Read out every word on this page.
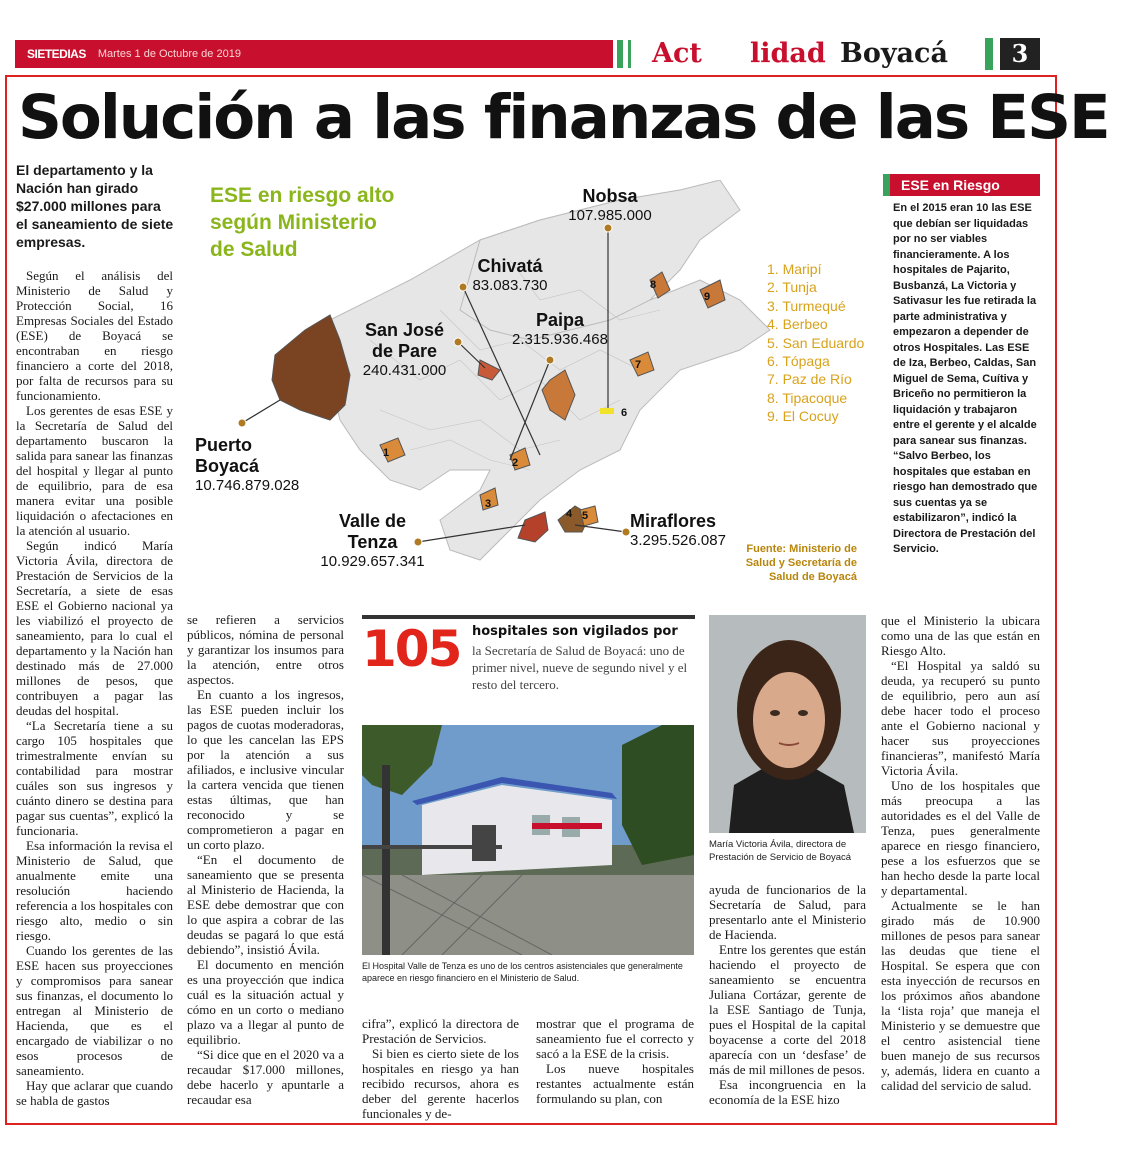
SIETEDIAS	Martes 1 de Octubre de 2019	Act lidad Boyacá	3
Solución a las finanzas de las ESE
El departamento y la Nación han girado $27.000 millones para el saneamiento de siete empresas.

Según el análisis del Ministerio de Salud y Protección Social, 16 Empresas Sociales del Estado (ESE) de Boyacá se encontraban en riesgo financiero a corte del 2018, por falta de recursos para su funcionamiento.

Los gerentes de esas ESE y la Secretaría de Salud del departamento buscaron la salida para sanear las finanzas del hospital y llegar al punto de equilibrio, para de esa manera evitar una posible liquidación o afectaciones en la atención al usuario.

Según indicó María Victoria Ávila, directora de Prestación de Servicios de la Secretaría, a siete de esas ESE el Gobierno nacional ya les viabilizó el proyecto de saneamiento, para lo cual el departamento y la Nación han destinado más de 27.000 millones de pesos, que contribuyen a pagar las deudas del hospital.

“La Secretaría tiene a su cargo 105 hospitales que trimestralmente envían su contabilidad para mostrar cuáles son sus ingresos y cuánto dinero se destina para pagar sus cuentas”, explicó la funcionaria.

Esa información la revisa el Ministerio de Salud, que anualmente emite una resolución haciendo referencia a los hospitales con riesgo alto, medio o sin riesgo.

Cuando los gerentes de las ESE hacen sus proyecciones y compromisos para sanear sus finanzas, el documento lo entregan al Ministerio de Hacienda, que es el encargado de viabilizar o no esos procesos de saneamiento.

Hay que aclarar que cuando se habla de gastos

se refieren a servicios públicos, nómina de personal y garantizar los insumos para la atención, entre otros aspectos.

En cuanto a los ingresos, las ESE pueden incluir los pagos de cuotas moderadoras, lo que les cancelan las EPS por la atención a sus afiliados, e inclusive vincular la cartera vencida que tienen estas últimas, que han reconocido y se comprometieron a pagar en un corto plazo.

“En el documento de saneamiento que se presenta al Ministerio de Hacienda, la ESE debe demostrar que con lo que aspira a cobrar de las deudas se pagará lo que está debiendo”, insistió Ávila.

El documento en mención es una proyección que indica cuál es la situación actual y cómo en un corto o mediano plazo va a llegar al punto de equilibrio.

“Si dice que en el 2020 va a recaudar $17.000 millones, debe hacerlo y apuntarle a recaudar esa

cifra”, explicó la directora de Prestación de Servicios.

Si bien es cierto siete de los hospitales en riesgo ya han recibido recursos, ahora es deber del gerente hacerlos funcionales y de-

mostrar que el programa de saneamiento fue el correcto y sacó a la ESE de la crisis.

Los nueve hospitales restantes actualmente están formulando su plan, con

ayuda de funcionarios de la Secretaría de Salud, para presentarlo ante el Ministerio de Hacienda.

Entre los gerentes que están haciendo el proyecto de saneamiento se encuentra Juliana Cortázar, gerente de la ESE Santiago de Tunja, pues el Hospital de la capital boyacense a corte del 2018 aparecía con un ‘desfase’ de más de mil millones de pesos.

Esa incongruencia en la economía de la ESE hizo

que el Ministerio la ubicara como una de las que están en Riesgo Alto.

“El Hospital ya saldó su deuda, ya recuperó su punto de equilibrio, pero aun así debe hacer todo el proceso ante el Gobierno nacional y hacer sus proyecciones financieras”, manifestó María Victoria Ávila.

Uno de los hospitales que más preocupa a las autoridades es el del Valle de Tenza, pues generalmente aparece en riesgo financiero, pese a los esfuerzos que se han hecho desde la parte local y departamental.

Actualmente se le han girado más de 10.900 millones de pesos para sanear las deudas que tiene el Hospital. Se espera que con esta inyección de recursos en los próximos años abandone la ‘lista roja’ que maneja el Ministerio y se demuestre que el centro asistencial tiene buen manejo de sus recursos y, además, lidera en cuanto a calidad del servicio de salud.

1
2
3
4 5
6
7
8
9
ESE en riesgo alto
según Ministerio
de Salud
Nobsa
107.985.000
Chivatá
83.083.730
Paipa
2.315.936.468
San José de Pare
240.431.000
Puerto Boyacá
10.746.879.028
Valle de Tenza
10.929.657.341
Miraflores
3.295.526.087
1. Maripí
2. Tunja
3. Turmequé
4. Berbeo
5. San Eduardo
6. Tópaga
7. Paz de Río
8. Tipacoque
9. El Cocuy
Fuente: Ministerio de Salud y Secretaría de Salud de Boyacá
ESE en Riesgo

En el 2015 eran 10 las ESE que debían ser liquidadas por no ser viables financieramente. A los hospitales de Pajarito, Busbanzá, La Victoria y Sativasur les fue retirada la parte administrativa y empezaron a depender de otros Hospitales. Las ESE de Iza, Berbeo, Caldas, San Miguel de Sema, Cuítiva y Briceño no permitieron la liquidación y trabajaron entre el gerente y el alcalde para sanear sus finanzas.

“Salvo Berbeo, los hospitales que estaban en riesgo han demostrado que sus cuentas ya se estabilizaron”, indicó la Directora de Prestación del Servicio.

105 hospitales son vigilados por
la Secretaría de Salud de Boyacá: uno de primer nivel, nueve de segundo nivel y el resto del tercero.
El Hospital Valle de Tenza es uno de los centros asistenciales que generalmente aparece en riesgo financiero en el Ministerio de Salud.
María Victoria Ávila, directora de Prestación de Servicio de Boyacá
